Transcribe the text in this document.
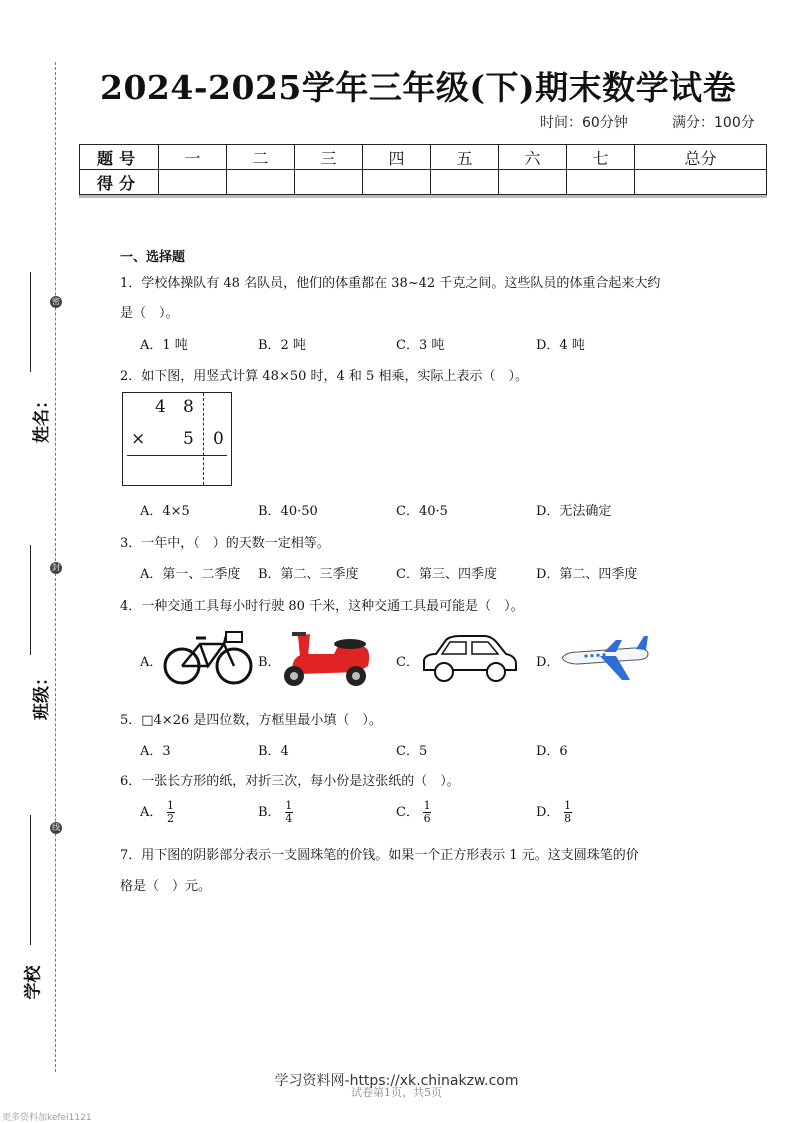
密
封
线
姓名：
班级：
学校
2024-2025学年三年级(下)期末数学试卷
时间：60分钟	满分：100分
题号	一	二	三	四	五	六	七	总分
得分								
一、选择题
1．学校体操队有 48 名队员，他们的体重都在 38~42 千克之间。这些队员的体重合起来大约
是（　）。
A．1 吨	B．2 吨	C．3 吨	D．4 吨
2．如下图，用竖式计算 48×50 时，4 和 5 相乘，实际上表示（　）。
4 8
× 5 0
A．4×5	B．40·50	C．40·5	D．无法确定
3．一年中，（　）的天数一定相等。
A．第一、二季度 B．第二、三季度	C．第三、四季度	D．第二、四季度
4．一种交通工具每小时行驶 80 千米，这种交通工具最可能是（　）。
A．	B．	C．	D．
5．□4×26 是四位数，方框里最小填（　）。
A．3	B．4	C．5	D．6
6．一张长方形的纸，对折三次，每小份是这张纸的（　）。
A． $\frac{1}{2}$	B． $\frac{1}{4}$	C． $\frac{1}{6}$	D． $\frac{1}{8}$
7．用下图的阴影部分表示一支圆珠笔的价钱。如果一个正方形表示 1 元。这支圆珠笔的价
格是（　）元。
学习资料网-https://xk.chinakzw.com
试卷第1页，共5页
更多资料加kefei1121
